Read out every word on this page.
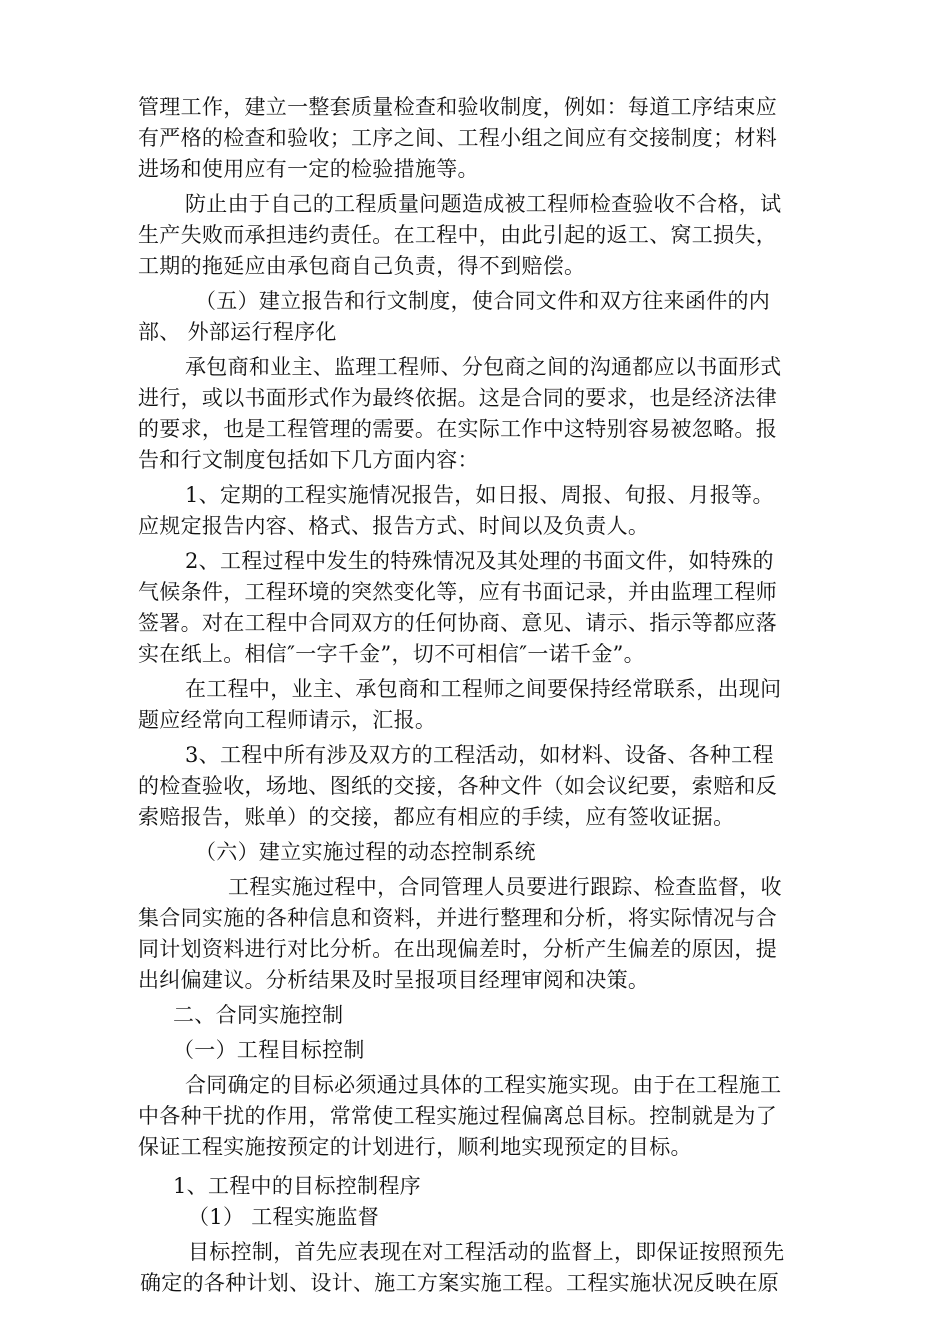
管理工作，建立一整套质量检查和验收制度，例如：每道工序结束应
有严格的检查和验收；工序之间、工程小组之间应有交接制度；材料
进场和使用应有一定的检验措施等。
防止由于自己的工程质量问题造成被工程师检查验收不合格，试
生产失败而承担违约责任。在工程中，由此引起的返工、窝工损失，
工期的拖延应由承包商自己负责，得不到赔偿。
（五）建立报告和行文制度，使合同文件和双方往来函件的内
部、 外部运行程序化
承包商和业主、监理工程师、分包商之间的沟通都应以书面形式
进行，或以书面形式作为最终依据。这是合同的要求，也是经济法律
的要求，也是工程管理的需要。在实际工作中这特别容易被忽略。报
告和行文制度包括如下几方面内容：
1、定期的工程实施情况报告，如日报、周报、旬报、月报等。
应规定报告内容、格式、报告方式、时间以及负责人。
2、工程过程中发生的特殊情况及其处理的书面文件，如特殊的
气候条件，工程环境的突然变化等，应有书面记录，并由监理工程师
签署。对在工程中合同双方的任何协商、意见、请示、指示等都应落
实在纸上。相信″一字千金”，切不可相信″一诺千金”。
在工程中，业主、承包商和工程师之间要保持经常联系，出现问
题应经常向工程师请示，汇报。
3、工程中所有涉及双方的工程活动，如材料、设备、各种工程
的检查验收，场地、图纸的交接，各种文件（如会议纪要，索赔和反
索赔报告，账单）的交接，都应有相应的手续，应有签收证据。
（六）建立实施过程的动态控制系统
工程实施过程中，合同管理人员要进行跟踪、检查监督，收
集合同实施的各种信息和资料，并进行整理和分析，将实际情况与合
同计划资料进行对比分析。在出现偏差时，分析产生偏差的原因，提
出纠偏建议。分析结果及时呈报项目经理审阅和决策。
二、合同实施控制
（一）工程目标控制
合同确定的目标必须通过具体的工程实施实现。由于在工程施工
中各种干扰的作用，常常使工程实施过程偏离总目标。控制就是为了
保证工程实施按预定的计划进行，顺利地实现预定的目标。
1、工程中的目标控制程序
（1） 工程实施监督
目标控制，首先应表现在对工程活动的监督上，即保证按照预先
确定的各种计划、设计、施工方案实施工程。工程实施状况反映在原
